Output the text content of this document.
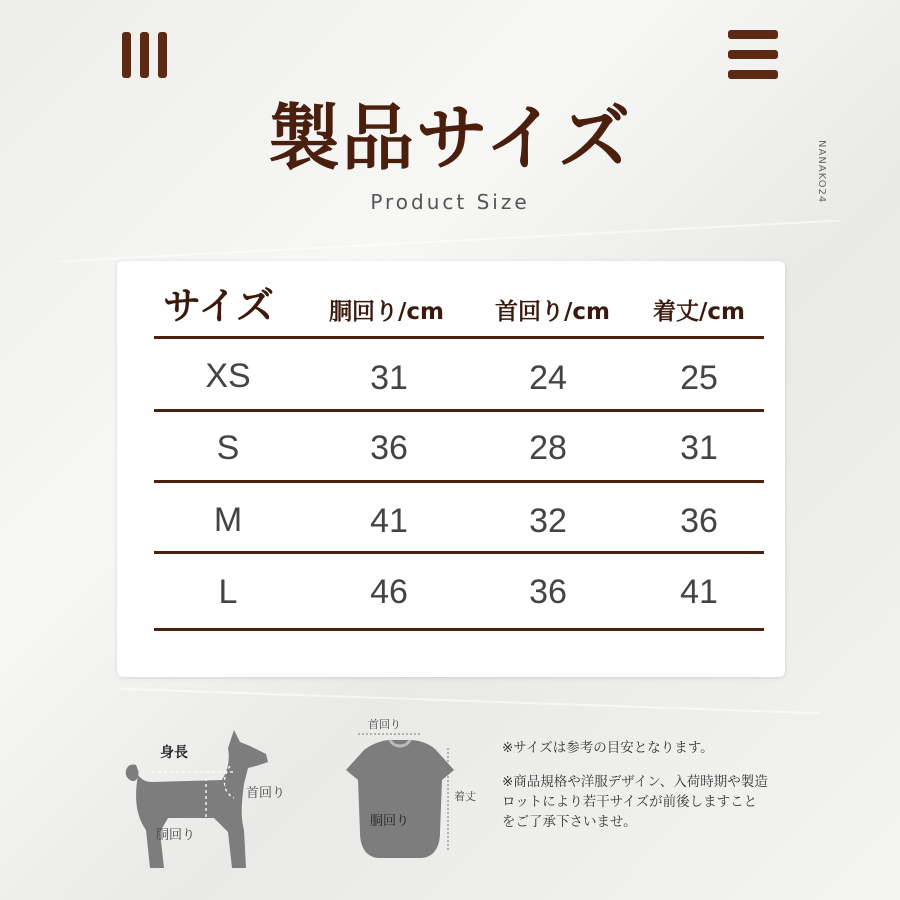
製品サイズ
Product Size	NANAKO24
サイズ 胴回り/cm 首回り/cm 着丈/cm
XS	31	24	25
S	36	28	31
M	41	32	36
L	46	36	41
身長
首回り
胴回り
首回り
胴回り
着丈
※サイズは参考の目安となります。
※商品規格や洋服デザイン、入荷時期や製造
ロットにより若干サイズが前後しますこと
をご了承下さいませ。
